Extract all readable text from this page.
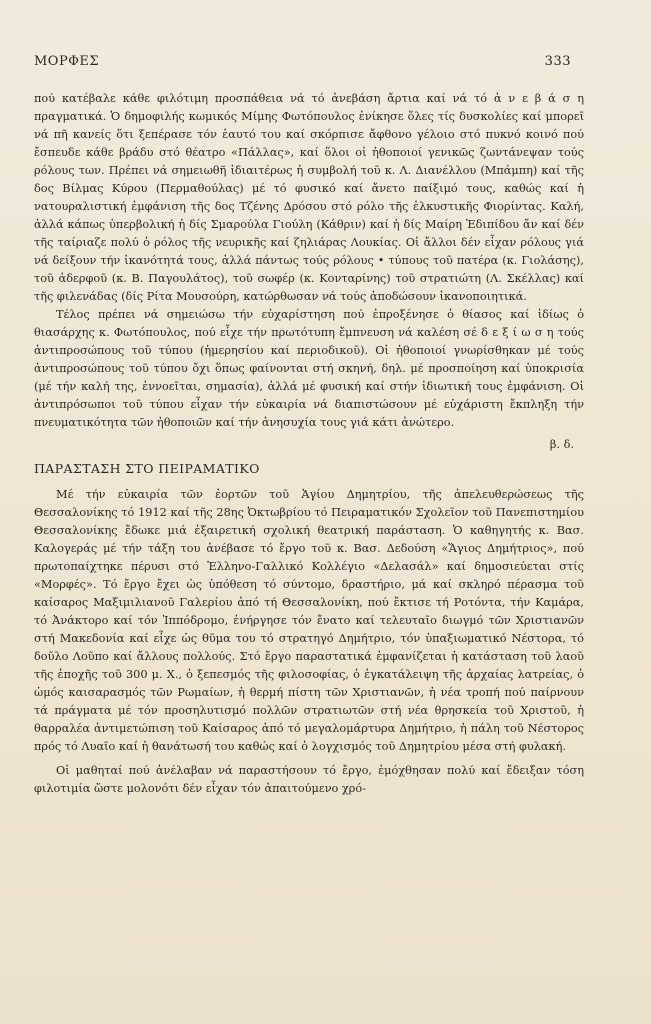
ΜΟΡΦΕΣ	333

πού κατέβαλε κάθε φιλότιμη προσπάθεια νά τό ἀνεβάση ἄρτια καί νά τό ἀ ν ε β ά σ η πραγματικά. Ὁ δημοφιλής κωμικός Μίμης Φωτόπουλος ἐνίκησε ὅλες τίς δυσκολίες καί μπορεῖ νά πῆ κανείς ὅτι ξεπέρασε τόν ἑαυτό του καί σκόρπισε ἄφθονο γέλοιο στό πυκνό κοινό πού ἔσπευδε κάθε βράδυ στό θέατρο «Πάλλας», καί ὅλοι οἱ ἠθοποιοί γενικῶς ζωντάνεψαν τούς ρόλους των. Πρέπει νά σημειωθῆ ἰδιαιτέρως ἡ συμβολή τοῦ κ. Λ. Διανέλλου (Μπάμπη) καί τῆς δος Βίλμας Κύρου (Περμαθούλας) μέ τό φυσικό καί ἄνετο παίξιμό τους, καθώς καί ἡ νατουραλιστική ἐμφάνιση τῆς δος Τζένης Δρόσου στό ρόλο τῆς ἑλκυστικῆς Φιορίντας. Καλή, ἀλλά κάπως ὑπερβολική ἡ δίς Σμαρούλα Γιούλη (Κάθριν) καί ἡ δίς Μαίρη Ἐδιπίδου ἄν καί δέν τῆς ταίριαζε πολύ ὁ ρόλος τῆς νευρικῆς καί ζηλιάρας Λουκίας. Οἱ ἄλλοι δέν εἶχαν ρόλους γιά νά δείξουν τήν ἱκανότητά τους, ἀλλά πάντως τούς ρόλους • τύπους τοῦ πατέρα (κ. Γιολάσης), τοῦ ἀδερφοῦ (κ. Β. Παγουλάτος), τοῦ σωφέρ (κ. Κονταρίνης) τοῦ στρατιώτη (Λ. Σκέλλας) καί τῆς φιλενάδας (δίς Ρίτα Μουσούρη, κατώρθωσαν νά τούς ἀποδώσουν ἱκανοποιητικά.

Τέλος πρέπει νά σημειώσω τήν εὐχαρίστηση πού ἐπροξένησε ὁ θίασος καί ἰδίως ὁ θιασάρχης κ. Φωτόπουλος, πού εἶχε τήν πρωτότυπη ἔμπνευση νά καλέση σέ δ ε ξ ί ω σ η τούς ἀντιπροσώπους τοῦ τύπου (ἡμερησίου καί περιοδικοῦ). Οἱ ἠθοποιοί γνωρίσθηκαν μέ τούς ἀντιπροσώπους τοῦ τύπου ὄχι ὅπως φαίνονται στή σκηνή, δηλ. μέ προσποίηση καί ὑποκρισία (μέ τήν καλή της, ἐννοεῖται, σημασία), ἀλλά μέ φυσική καί στήν ἰδιωτική τους ἐμφάνιση. Οἱ ἀντιπρόσωποι τοῦ τύπου εἶχαν τήν εὐκαιρία νά διαπιστώσουν μέ εὐχάριστη ἔκπληξη τήν πνευματικότητα τῶν ἠθοποιῶν καί τήν ἀνησυχία τους γιά κάτι ἀνώτερο.

β. δ.
ΠΑΡΑΣΤΑΣΗ ΣΤΟ ΠΕΙΡΑΜΑΤΙΚΟ

Μέ τήν εὐκαιρία τῶν ἑορτῶν τοῦ Ἁγίου Δημητρίου, τῆς ἀπελευθερώσεως τῆς Θεσσαλονίκης τό 1912 καί τῆς 28ης Ὀκτωβρίου τό Πειραματικόν Σχολεῖον τοῦ Πανεπιστημίου Θεσσαλονίκης ἔδωκε μιά ἐξαιρετική σχολική θεατρική παράσταση. Ὁ καθηγητής κ. Βασ. Καλογεράς μέ τήν τάξη του ἀνέβασε τό ἔργο τοῦ κ. Βασ. Δεδούση «Ἅγιος Δημήτριος», πού πρωτοπαίχτηκε πέρυσι στό Ἑλληνο-Γαλλικό Κολλέγιο «Δελασάλ» καί δημοσιεύεται στίς «Μορφές». Τό ἔργο ἔχει ὡς ὑπόθεση τό σύντομο, δραστήριο, μά καί σκληρό πέρασμα τοῦ καίσαρος Μαξιμιλιανοῦ Γαλερίου ἀπό τή Θεσσαλονίκη, πού ἔκτισε τή Ροτόντα, τήν Καμάρα, τό Ἀνάκτορο καί τόν Ἱππόδρομο, ἐνήργησε τόν ἔνατο καί τελευταῖο διωγμό τῶν Χριστιανῶν στή Μακεδονία καί εἶχε ὡς θῦμα του τό στρατηγό Δημήτριο, τόν ὑπαξιωματικό Νέστορα, τό δοῦλο Λοῦπο καί ἄλλους πολλούς. Στό ἔργο παραστατικά ἐμφανίζεται ἡ κατάσταση τοῦ λαοῦ τῆς ἐποχῆς τοῦ 300 μ. Χ., ὁ ξεπεσμός τῆς φιλοσοφίας, ὁ ἐγκατάλειψη τῆς ἀρχαίας λατρείας, ὁ ὠμός καισαρασμός τῶν Ρωμαίων, ἡ θερμή πίστη τῶν Χριστιανῶν, ἡ νέα τροπή πού παίρνουν τά πράγματα μέ τόν προσηλυτισμό πολλῶν στρατιωτῶν στή νέα θρησκεία τοῦ Χριστοῦ, ἡ θαρραλέα ἀντιμετώπιση τοῦ Καίσαρος ἀπό τό μεγαλομάρτυρα Δημήτριο, ἡ πάλη τοῦ Νέστορος πρός τό Λυαῖο καί ἡ θανάτωσή του καθώς καί ὁ λογχισμός τοῦ Δημητρίου μέσα στή φυλακή.

Οἱ μαθηταί πού ἀνέλαβαν νά παραστήσουν τό ἔργο, ἐμόχθησαν πολύ καί ἔδειξαν τόση φιλοτιμία ὥστε μολονότι δέν εἶχαν τόν ἀπαιτούμενο χρό-
